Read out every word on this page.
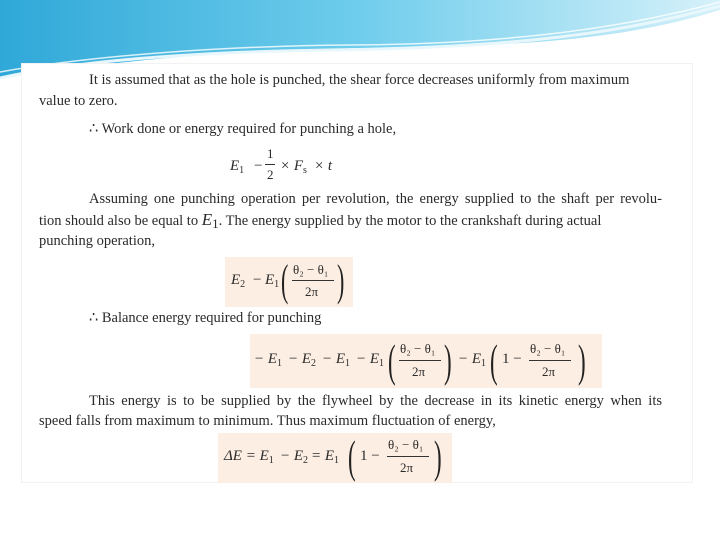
It is assumed that as the hole is punched, the shear force decreases uniformly from maximum
value to zero.
∴ Work done or energy required for punching a hole,
$E_1$ −
1
2
× $F_s \times t$
Assuming one punching operation per revolution, the energy supplied to the shaft per revolu-
tion should also be equal to E1. The energy supplied by the motor to the crankshaft during actual
punching operation,
$E_2 - E_1$ ( θ₂ − θ₁
2π )
∴ Balance energy required for punching
− $E_1 - E_2 - E_1 - E_1$ ( θ₂ − θ₁
2π ) − $E_1$ ( 1 −
θ₂ − θ₁
2π )
This energy is to be supplied by the flywheel by the decrease in its kinetic energy when its
speed falls from maximum to minimum. Thus maximum fluctuation of energy,
$\Delta E = E_1 - E_2 = E_1$ ( 1 −
θ₂ − θ₁
2π )
